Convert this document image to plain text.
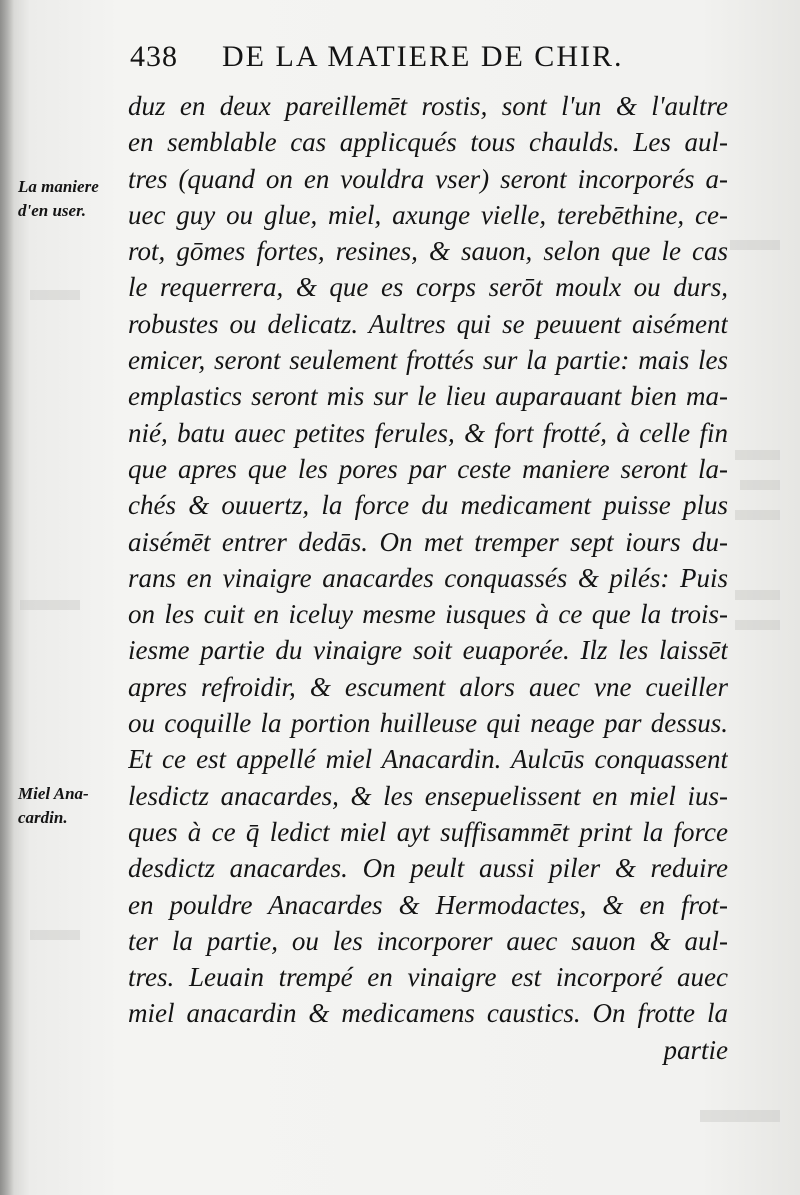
438 DE LA MATIERE DE CHIR.
La maniere
d'en user.
Miel Ana-
cardin.
duz en deux pareillemēt rostis, sont l'un & l'aultre
en semblable cas applicqués tous chaulds. Les aul-
tres (quand on en vouldra vser) seront incorporés a-
uec guy ou glue, miel, axunge vielle, terebēthine, ce-
rot, gōmes fortes, resines, & sauon, selon que le cas
le requerrera, & que es corps serōt moulx ou durs,
robustes ou delicatz. Aultres qui se peuuent aisément
emicer, seront seulement frottés sur la partie: mais les
emplastics seront mis sur le lieu auparauant bien ma-
nié, batu auec petites ferules, & fort frotté, à celle fin
que apres que les pores par ceste maniere seront la-
chés & ouuertz, la force du medicament puisse plus
aisémēt entrer dedās. On met tremper sept iours du-
rans en vinaigre anacardes conquassés & pilés: Puis
on les cuit en iceluy mesme iusques à ce que la trois-
iesme partie du vinaigre soit euaporée. Ilz les laissēt
apres refroidir, & escument alors auec vne cueiller
ou coquille la portion huilleuse qui neage par dessus.
Et ce est appellé miel Anacardin. Aulcūs conquassent
lesdictz anacardes, & les ensepuelissent en miel ius-
ques à ce q̄ ledict miel ayt suffisammēt print la force
desdictz anacardes. On peult aussi piler & reduire
en pouldre Anacardes & Hermodactes, & en frot-
ter la partie, ou les incorporer auec sauon & aul-
tres. Leuain trempé en vinaigre est incorporé auec
miel anacardin & medicamens caustics. On frotte la
partie
